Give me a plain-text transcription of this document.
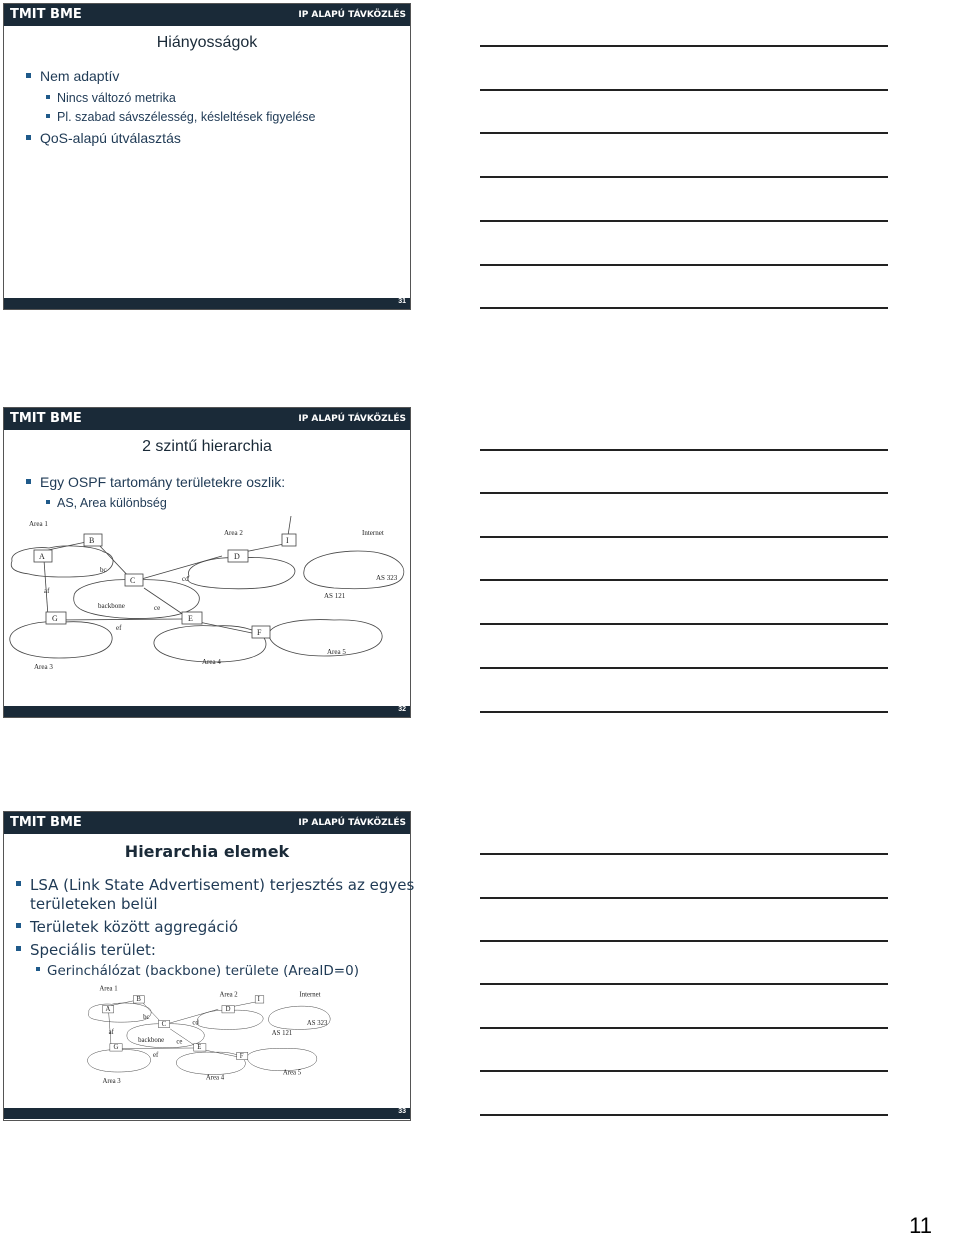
TMIT BME	IP ALAPÚ TÁVKÖZLÉS
Hiányosságok
Nem adaptív
Nincs változó metrika
Pl. szabad sávszélesség, késleltések figyelése
QoS-alapú útválasztás
31
TMIT BME	IP ALAPÚ TÁVKÖZLÉS
2 szintű hierarchia
Egy OSPF tartomány területekre oszlik:
AS, Area különbség
A
B
C
D
E
F
G
I
Area 1
Area 2	Internet
Area 3
Area 4
Area 5
bc
cd
af
ce
ef
backbone
AS 121
AS 323
32
TMIT BME	IP ALAPÚ TÁVKÖZLÉS
Hierarchia elemek
LSA (Link State Advertisement) terjesztés az egyes
területeken belül
Területek között aggregáció
Speciális terület:
Gerinchálózat (backbone) területe (AreaID=0)
A
B
C
D
E
F
G
I
Area 1
Area 2	Internet
Area 3
Area 4
Area 5
bc
cd
af
ce
ef
backbone
AS 121
AS 323
33
11
